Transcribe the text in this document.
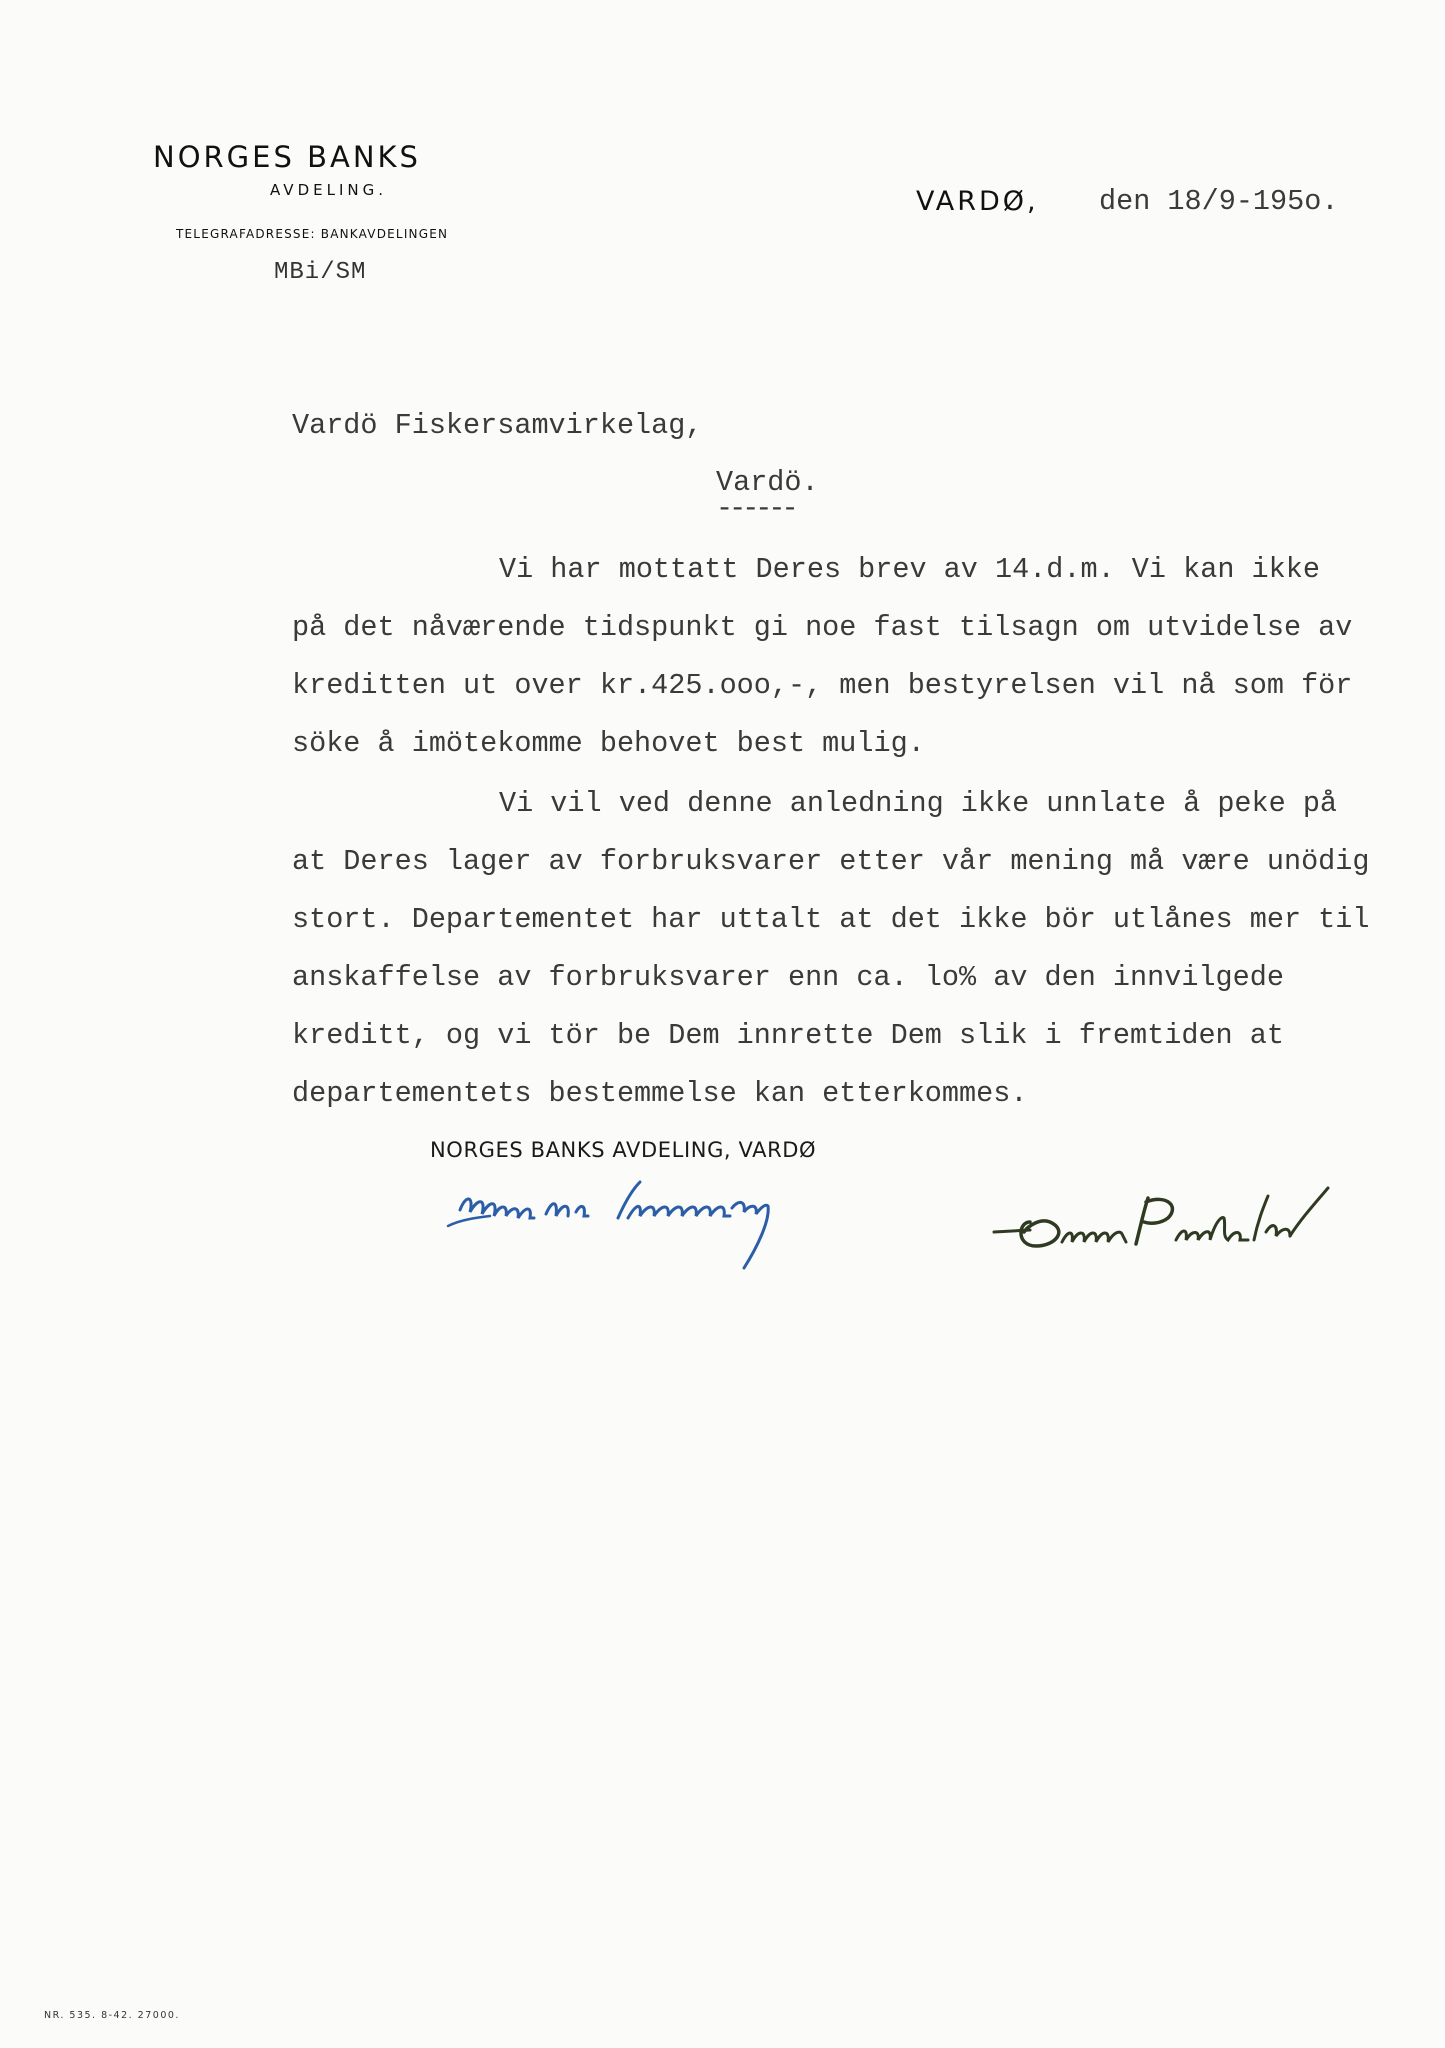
NORGES BANKS
AVDELING.
TELEGRAFADRESSE: BANKAVDELINGEN
MBi/SM
VARDØ, den 18/9-195o.
Vardö Fiskersamvirkelag,
Vardö.
------
Vi har mottatt Deres brev av 14.d.m. Vi kan ikke
på det nåværende tidspunkt gi noe fast tilsagn om utvidelse av
kreditten ut over kr.425.ooo,-, men bestyrelsen vil nå som för
söke å imötekomme behovet best mulig.
Vi vil ved denne anledning ikke unnlate å peke på
at Deres lager av forbruksvarer etter vår mening må være unödig
stort. Departementet har uttalt at det ikke bör utlånes mer til
anskaffelse av forbruksvarer enn ca. lo% av den innvilgede
kreditt, og vi tör be Dem innrette Dem slik i fremtiden at
departementets bestemmelse kan etterkommes.
NORGES BANKS AVDELING, VARDØ
NR. 535. 8-42. 27000.
